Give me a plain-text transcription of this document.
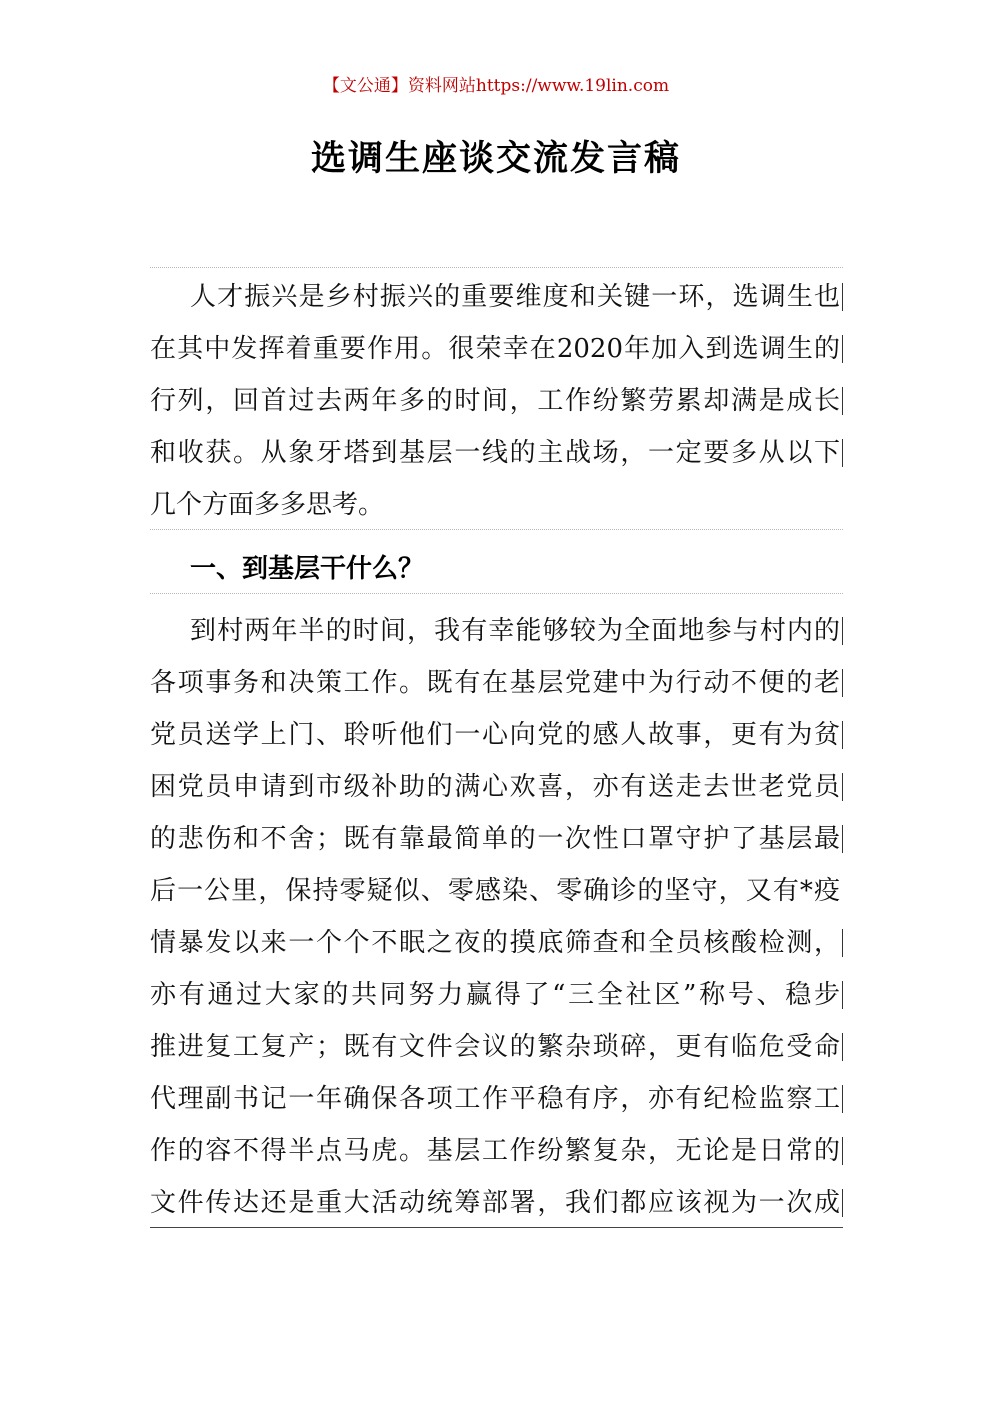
【文公通】资料网站https://www.19lin.com
选调生座谈交流发言稿
人才振兴是乡村振兴的重要维度和关键一环，选调生也
在其中发挥着重要作用。很荣幸在2020年加入到选调生的
行列，回首过去两年多的时间，工作纷繁劳累却满是成长
和收获。从象牙塔到基层一线的主战场，一定要多从以下
几个方面多多思考。
一、到基层干什么？
到村两年半的时间，我有幸能够较为全面地参与村内的
各项事务和决策工作。既有在基层党建中为行动不便的老
党员送学上门、聆听他们一心向党的感人故事，更有为贫
困党员申请到市级补助的满心欢喜，亦有送走去世老党员
的悲伤和不舍；既有靠最简单的一次性口罩守护了基层最
后一公里，保持零疑似、零感染、零确诊的坚守，又有*疫
情暴发以来一个个不眠之夜的摸底筛查和全员核酸检测，
亦有通过大家的共同努力赢得了“三全社区”称号、稳步
推进复工复产；既有文件会议的繁杂琐碎，更有临危受命
代理副书记一年确保各项工作平稳有序，亦有纪检监察工
作的容不得半点马虎。基层工作纷繁复杂，无论是日常的
文件传达还是重大活动统筹部署，我们都应该视为一次成
